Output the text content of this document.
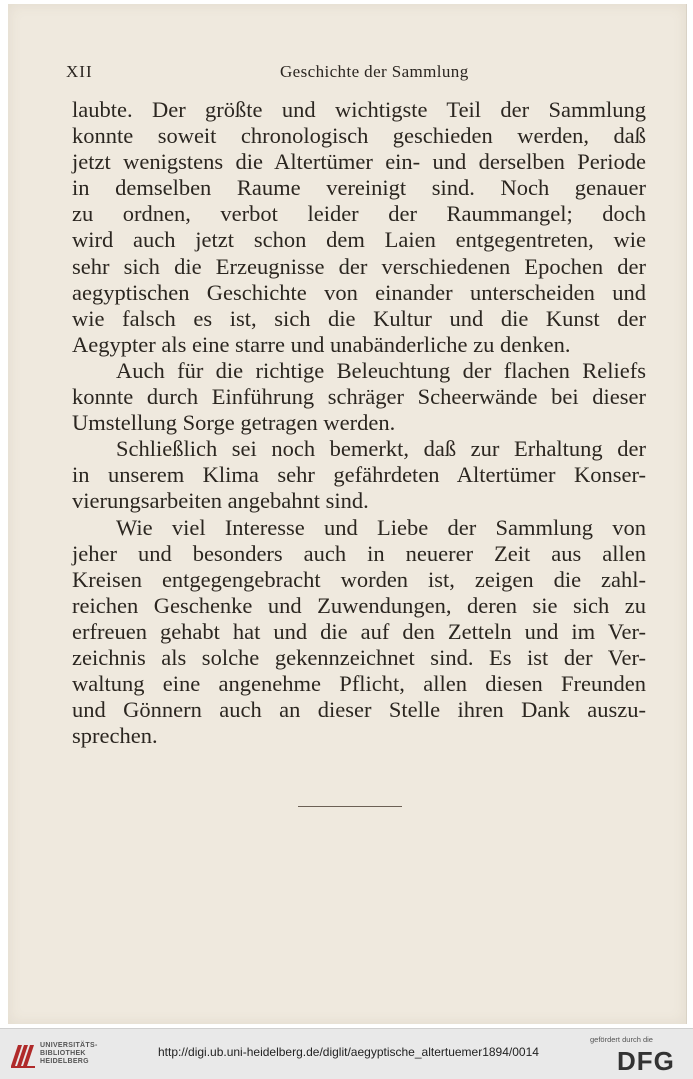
XII	Geschichte der Sammlung
laubte. Der größte und wichtigste Teil der Sammlung
konnte soweit chronologisch geschieden werden, daß
jetzt wenigstens die Altertümer ein- und derselben Periode
in demselben Raume vereinigt sind. Noch genauer
zu ordnen, verbot leider der Raummangel; doch
wird auch jetzt schon dem Laien entgegentreten, wie
sehr sich die Erzeugnisse der verschiedenen Epochen der
aegyptischen Geschichte von einander unterscheiden und
wie falsch es ist, sich die Kultur und die Kunst der
Aegypter als eine starre und unabänderliche zu denken.
Auch für die richtige Beleuchtung der flachen Reliefs
konnte durch Einführung schräger Scheerwände bei dieser
Umstellung Sorge getragen werden.
Schließlich sei noch bemerkt, daß zur Erhaltung der
in unserem Klima sehr gefährdeten Altertümer Konser-
vierungsarbeiten angebahnt sind.
Wie viel Interesse und Liebe der Sammlung von
jeher und besonders auch in neuerer Zeit aus allen
Kreisen entgegengebracht worden ist, zeigen die zahl-
reichen Geschenke und Zuwendungen, deren sie sich zu
erfreuen gehabt hat und die auf den Zetteln und im Ver-
zeichnis als solche gekennzeichnet sind. Es ist der Ver-
waltung eine angenehme Pflicht, allen diesen Freunden
und Gönnern auch an dieser Stelle ihren Dank auszu-
sprechen.
UNIVERSITÄTS-
BIBLIOTHEK
HEIDELBERG
http://digi.ub.uni-heidelberg.de/diglit/aegyptische_altertuemer1894/0014
gefördert durch die
DFG
